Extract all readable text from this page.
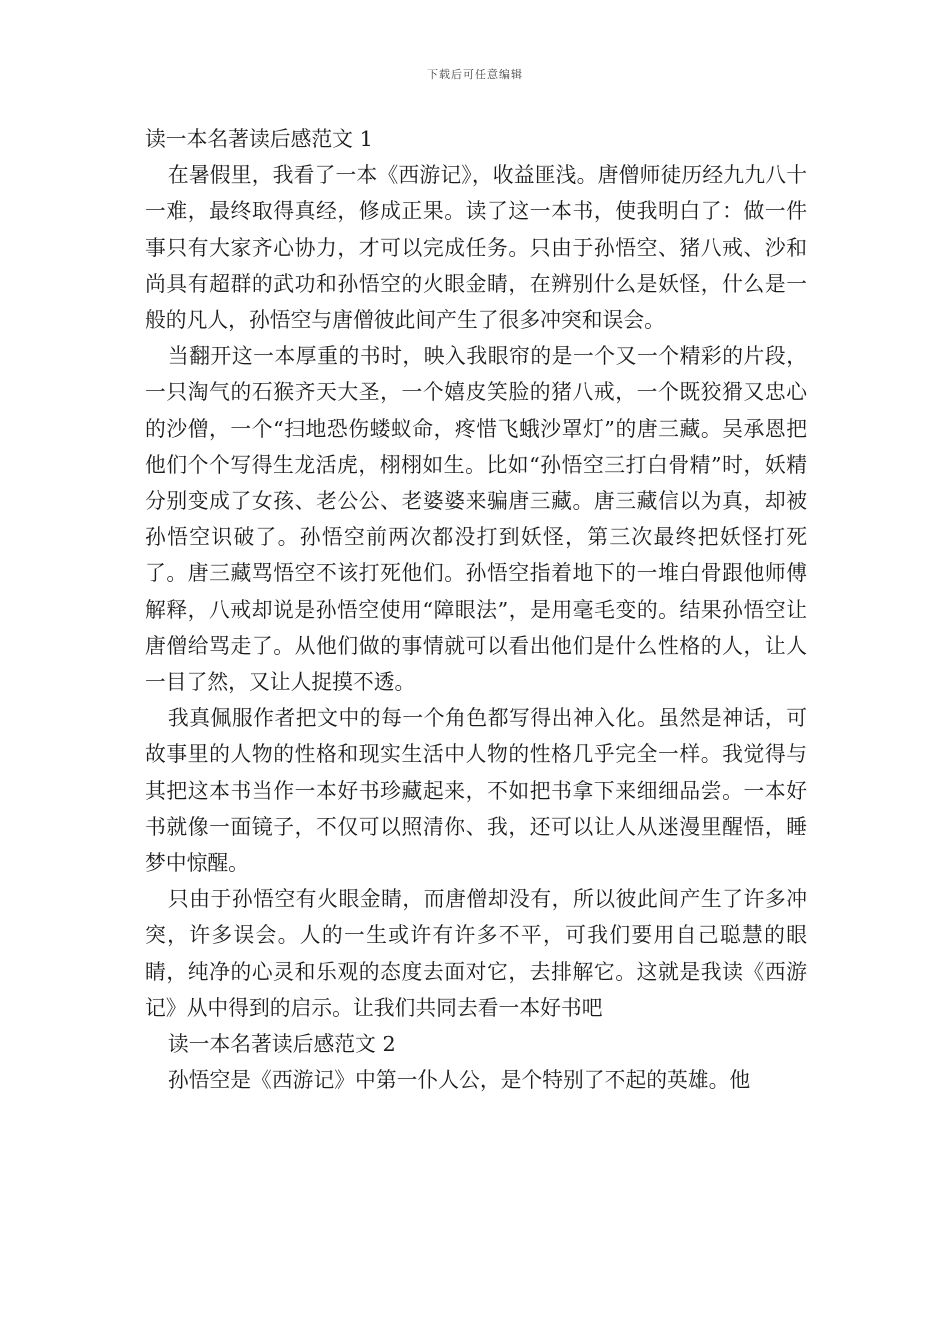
下载后可任意编辑

读一本名著读后感范文 1

在暑假里，我看了一本《西游记》，收益匪浅。唐僧师徒历经九九八十一难，最终取得真经，修成正果。读了这一本书，使我明白了：做一件事只有大家齐心协力，才可以完成任务。只由于孙悟空、猪八戒、沙和尚具有超群的武功和孙悟空的火眼金睛，在辨别什么是妖怪，什么是一般的凡人，孙悟空与唐僧彼此间产生了很多冲突和误会。

当翻开这一本厚重的书时，映入我眼帘的是一个又一个精彩的片段，一只淘气的石猴齐天大圣，一个嬉皮笑脸的猪八戒，一个既狡猾又忠心的沙僧，一个“扫地恐伤蝼蚁命，疼惜飞蛾沙罩灯”的唐三藏。吴承恩把他们个个写得生龙活虎，栩栩如生。比如“孙悟空三打白骨精”时，妖精分别变成了女孩、老公公、老婆婆来骗唐三藏。唐三藏信以为真，却被孙悟空识破了。孙悟空前两次都没打到妖怪，第三次最终把妖怪打死了。唐三藏骂悟空不该打死他们。孙悟空指着地下的一堆白骨跟他师傅解释，八戒却说是孙悟空使用“障眼法”，是用毫毛变的。结果孙悟空让唐僧给骂走了。从他们做的事情就可以看出他们是什么性格的人，让人一目了然，又让人捉摸不透。

我真佩服作者把文中的每一个角色都写得出神入化。虽然是神话，可故事里的人物的性格和现实生活中人物的性格几乎完全一样。我觉得与其把这本书当作一本好书珍藏起来，不如把书拿下来细细品尝。一本好书就像一面镜子，不仅可以照清你、我，还可以让人从迷漫里醒悟，睡梦中惊醒。

只由于孙悟空有火眼金睛，而唐僧却没有，所以彼此间产生了许多冲突，许多误会。人的一生或许有许多不平，可我们要用自己聪慧的眼睛，纯净的心灵和乐观的态度去面对它，去排解它。这就是我读《西游记》从中得到的启示。让我们共同去看一本好书吧

读一本名著读后感范文 2

孙悟空是《西游记》中第一仆人公，是个特别了不起的英雄。他
